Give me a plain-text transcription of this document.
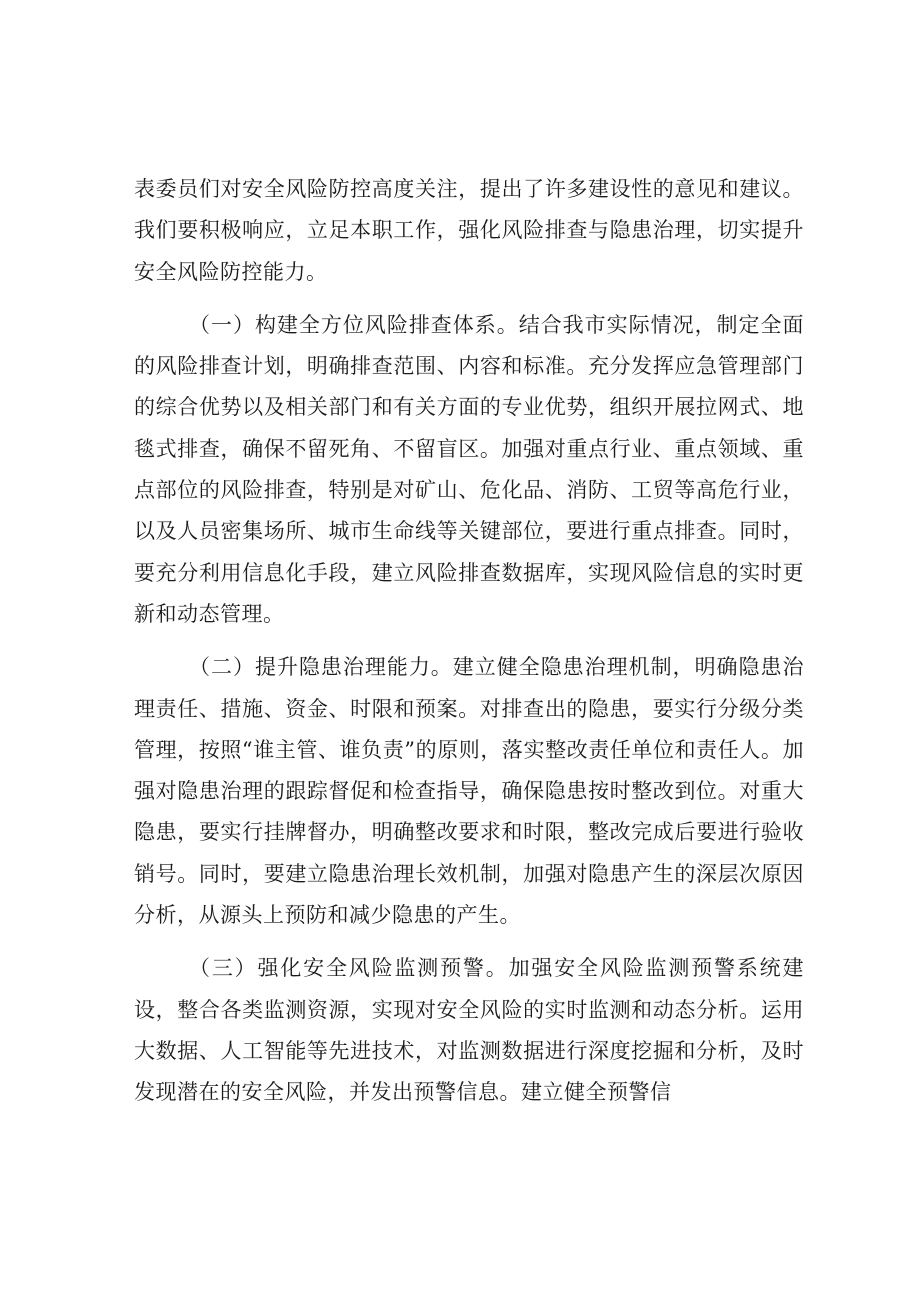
表委员们对安全风险防控高度关注，提出了许多建设性的意见和建议。我们要积极响应，立足本职工作，强化风险排查与隐患治理，切实提升安全风险防控能力。

（一）构建全方位风险排查体系。结合我市实际情况，制定全面的风险排查计划，明确排查范围、内容和标准。充分发挥应急管理部门的综合优势以及相关部门和有关方面的专业优势，组织开展拉网式、地毯式排查，确保不留死角、不留盲区。加强对重点行业、重点领域、重点部位的风险排查，特别是对矿山、危化品、消防、工贸等高危行业，以及人员密集场所、城市生命线等关键部位，要进行重点排查。同时，要充分利用信息化手段，建立风险排查数据库，实现风险信息的实时更新和动态管理。

（二）提升隐患治理能力。建立健全隐患治理机制，明确隐患治理责任、措施、资金、时限和预案。对排查出的隐患，要实行分级分类管理，按照“谁主管、谁负责”的原则，落实整改责任单位和责任人。加强对隐患治理的跟踪督促和检查指导，确保隐患按时整改到位。对重大隐患，要实行挂牌督办，明确整改要求和时限，整改完成后要进行验收销号。同时，要建立隐患治理长效机制，加强对隐患产生的深层次原因分析，从源头上预防和减少隐患的产生。

（三）强化安全风险监测预警。加强安全风险监测预警系统建设，整合各类监测资源，实现对安全风险的实时监测和动态分析。运用大数据、人工智能等先进技术，对监测数据进行深度挖掘和分析，及时发现潜在的安全风险，并发出预警信息。建立健全预警信
